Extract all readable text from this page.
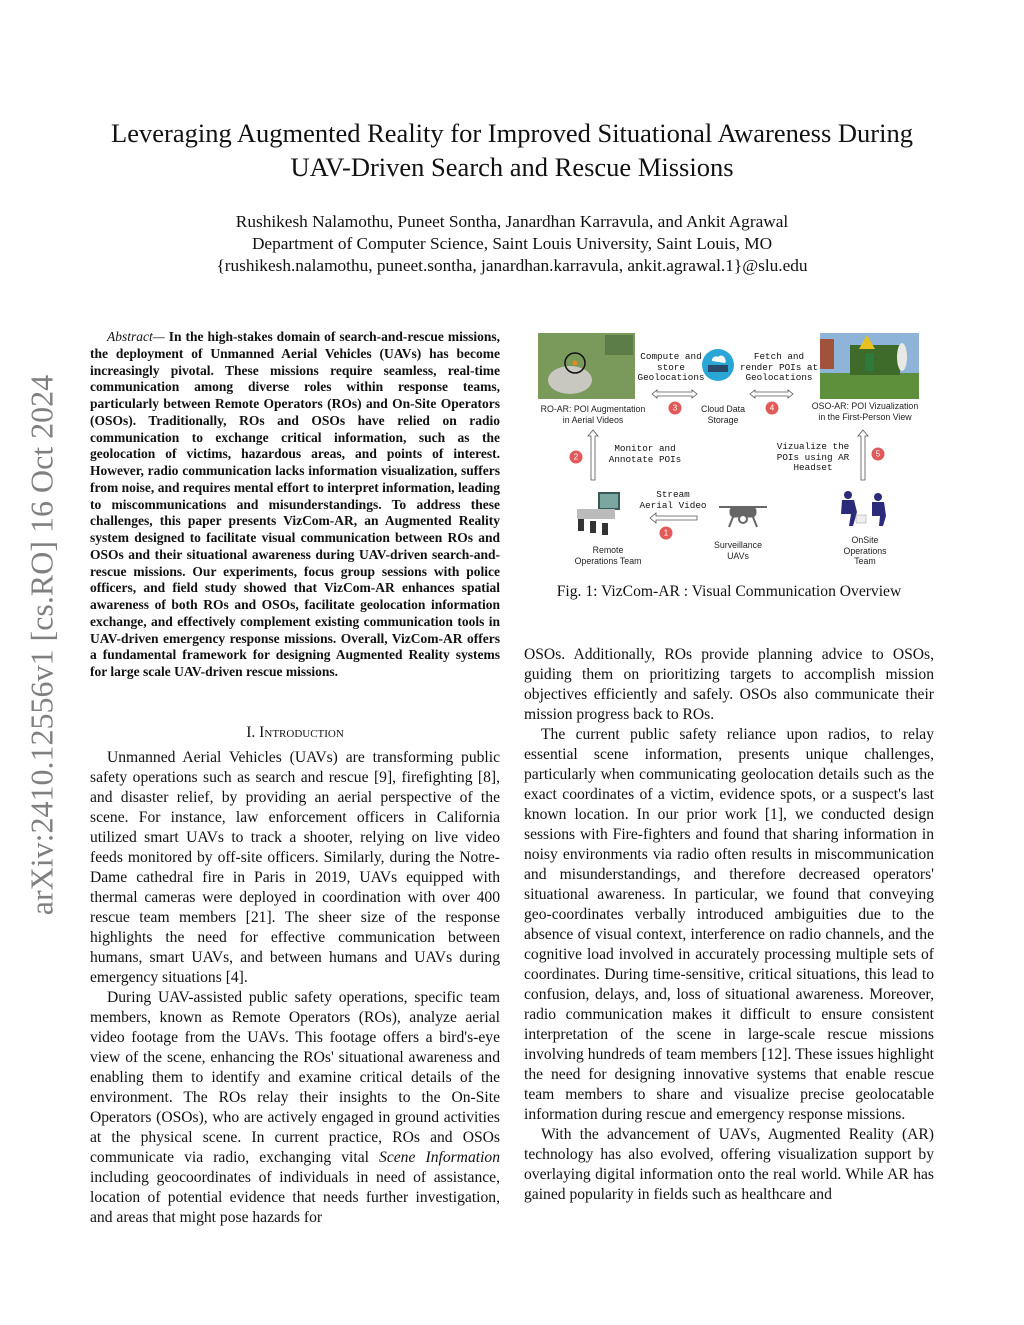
arXiv:2410.12556v1 [cs.RO] 16 Oct 2024
Leveraging Augmented Reality for Improved Situational Awareness During
UAV-Driven Search and Rescue Missions
Rushikesh Nalamothu, Puneet Sontha, Janardhan Karravula, and Ankit Agrawal
Department of Computer Science, Saint Louis University, Saint Louis, MO
{rushikesh.nalamothu, puneet.sontha, janardhan.karravula, ankit.agrawal.1}@slu.edu
Abstract— In the high-stakes domain of search-and-rescue missions, the deployment of Unmanned Aerial Vehicles (UAVs) has become increasingly pivotal. These missions require seamless, real-time communication among diverse roles within response teams, particularly between Remote Operators (ROs) and On-Site Operators (OSOs). Traditionally, ROs and OSOs have relied on radio communication to exchange critical information, such as the geolocation of victims, hazardous areas, and points of interest. However, radio communication lacks information visualization, suffers from noise, and requires mental effort to interpret information, leading to miscommunications and misunderstandings. To address these challenges, this paper presents VizCom-AR, an Augmented Reality system designed to facilitate visual communication between ROs and OSOs and their situational awareness during UAV-driven search-and-rescue missions. Our experiments, focus group sessions with police officers, and field study showed that VizCom-AR enhances spatial awareness of both ROs and OSOs, facilitate geolocation information exchange, and effectively complement existing communication tools in UAV-driven emergency response missions. Overall, VizCom-AR offers a fundamental framework for designing Augmented Reality systems for large scale UAV-driven rescue missions.
I. Introduction

Unmanned Aerial Vehicles (UAVs) are transforming public safety operations such as search and rescue [9], firefighting [8], and disaster relief, by providing an aerial perspective of the scene. For instance, law enforcement officers in California utilized smart UAVs to track a shooter, relying on live video feeds monitored by off-site officers. Similarly, during the Notre-Dame cathedral fire in Paris in 2019, UAVs equipped with thermal cameras were deployed in coordination with over 400 rescue team members [21]. The sheer size of the response highlights the need for effective communication between humans, smart UAVs, and between humans and UAVs during emergency situations [4].

During UAV-assisted public safety operations, specific team members, known as Remote Operators (ROs), analyze aerial video footage from the UAVs. This footage offers a bird's-eye view of the scene, enhancing the ROs' situational awareness and enabling them to identify and examine critical details of the environment. The ROs relay their insights to the On-Site Operators (OSOs), who are actively engaged in ground activities at the physical scene. In current practice, ROs and OSOs communicate via radio, exchanging vital Scene Information including geocoordinates of individuals in need of assistance, location of potential evidence that needs further investigation, and areas that might pose hazards for

Compute and
store
Geolocations
Fetch and
render POIs at
Geolocations
RO-AR: POI Augmentation
in Aerial Videos
Cloud Data
Storage
OSO-AR: POI Vizualization
in the First-Person View
Monitor and
Annotate POIs
Vizualize the
POIs using AR
Headset
Stream
Aerial Video
Remote
Operations Team
Surveillance
UAVs
OnSite
Operations
Team
1
2
3	4
5
Fig. 1: VizCom-AR : Visual Communication Overview

OSOs. Additionally, ROs provide planning advice to OSOs, guiding them on prioritizing targets to accomplish mission objectives efficiently and safely. OSOs also communicate their mission progress back to ROs.

The current public safety reliance upon radios, to relay essential scene information, presents unique challenges, particularly when communicating geolocation details such as the exact coordinates of a victim, evidence spots, or a suspect's last known location. In our prior work [1], we conducted design sessions with Fire-fighters and found that sharing information in noisy environments via radio often results in miscommunication and misunderstandings, and therefore decreased operators' situational awareness. In particular, we found that conveying geo-coordinates verbally introduced ambiguities due to the absence of visual context, interference on radio channels, and the cognitive load involved in accurately processing multiple sets of coordinates. During time-sensitive, critical situations, this lead to confusion, delays, and, loss of situational awareness. Moreover, radio communication makes it difficult to ensure consistent interpretation of the scene in large-scale rescue missions involving hundreds of team members [12]. These issues highlight the need for designing innovative systems that enable rescue team members to share and visualize precise geolocatable information during rescue and emergency response missions.

With the advancement of UAVs, Augmented Reality (AR) technology has also evolved, offering visualization support by overlaying digital information onto the real world. While AR has gained popularity in fields such as healthcare and
